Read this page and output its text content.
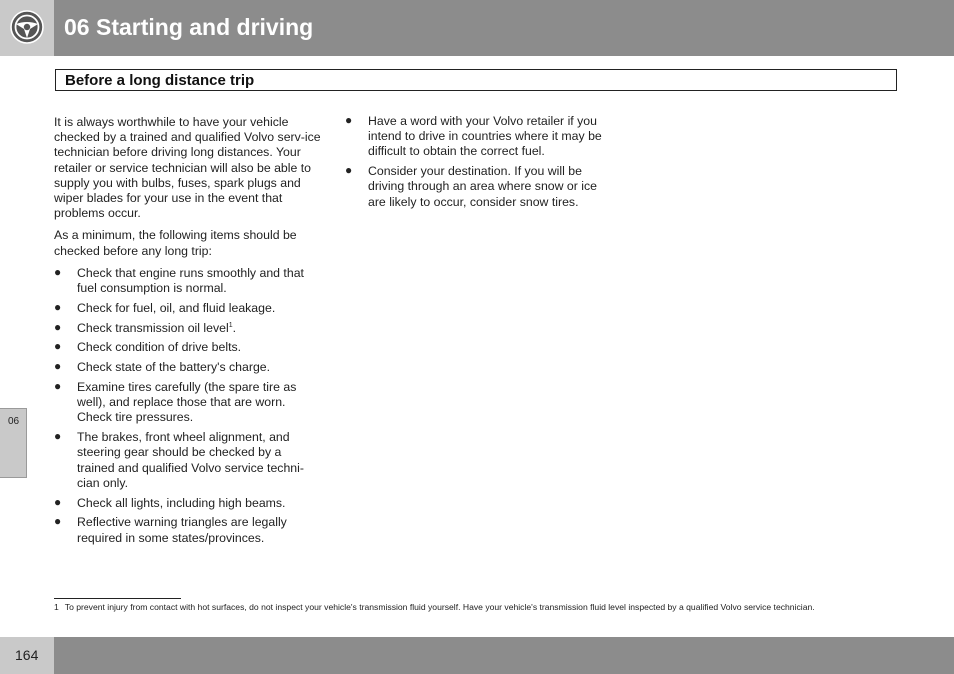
06 Starting and driving
Before a long distance trip

It is always worthwhile to have your vehicle checked by a trained and qualified Volvo serv-ice technician before driving long distances. Your retailer or service technician will also be able to supply you with bulbs, fuses, spark plugs and wiper blades for your use in the event that problems occur.

As a minimum, the following items should be checked before any long trip:

● Check that engine runs smoothly and that fuel consumption is normal.
● Check for fuel, oil, and fluid leakage.
● Check transmission oil level$^1$.
● Check condition of drive belts.
● Check state of the battery's charge.
● Examine tires carefully (the spare tire as well), and replace those that are worn. Check tire pressures.
● The brakes, front wheel alignment, and steering gear should be checked by a trained and qualified Volvo service techni-cian only.
● Check all lights, including high beams.
● Reflective warning triangles are legally required in some states/provinces.
● Have a word with your Volvo retailer if you intend to drive in countries where it may be difficult to obtain the correct fuel.
● Consider your destination. If you will be driving through an area where snow or ice are likely to occur, consider snow tires.
06
1 To prevent injury from contact with hot surfaces, do not inspect your vehicle's transmission fluid yourself. Have your vehicle's transmission fluid level inspected by a qualified Volvo service technician.
164
